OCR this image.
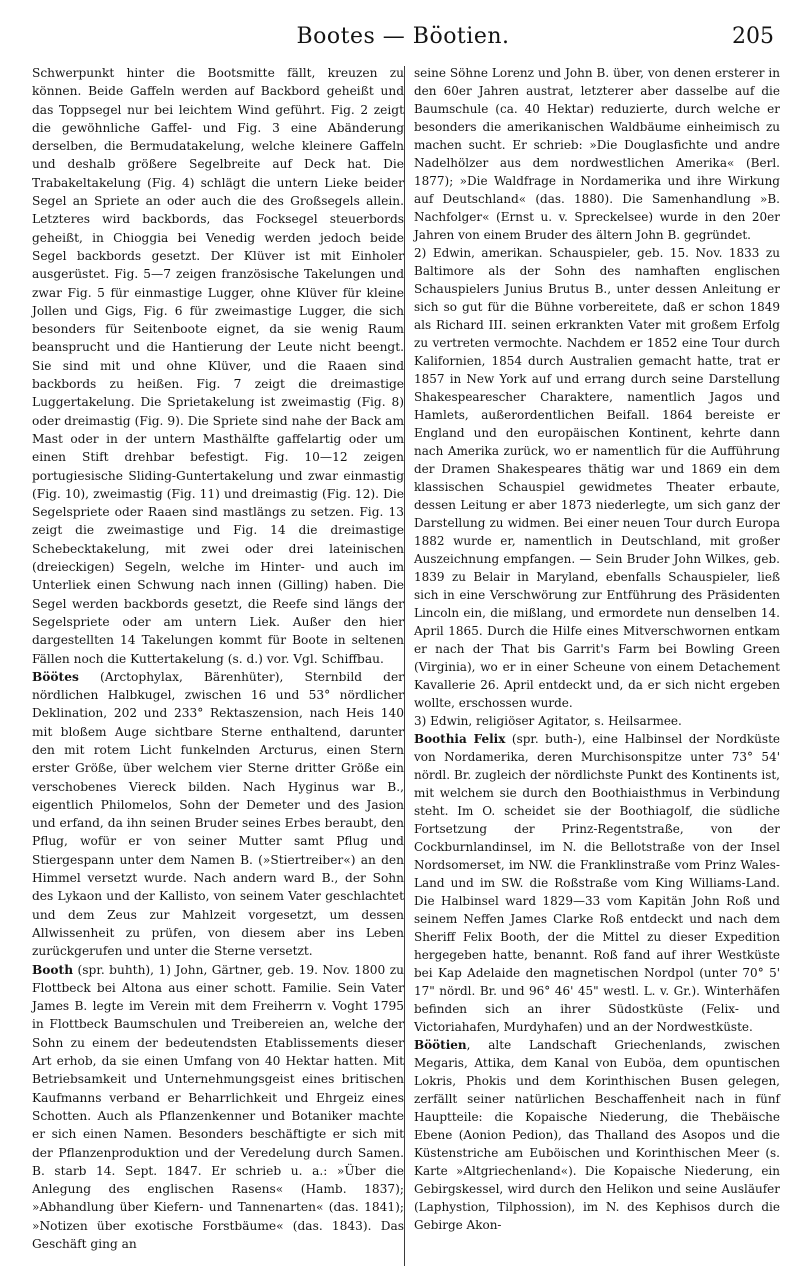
Bootes — Böotien.	205

Schwerpunkt hinter die Bootsmitte fällt, kreuzen zu können. Beide Gaffeln werden auf Backbord geheißt und das Toppsegel nur bei leichtem Wind geführt. Fig. 2 zeigt die gewöhnliche Gaffel- und Fig. 3 eine Abänderung derselben, die Bermudatakelung, welche kleinere Gaffeln und deshalb größere Segelbreite auf Deck hat. Die Trabakeltakelung (Fig. 4) schlägt die untern Lieke beider Segel an Spriete an oder auch die des Großsegels allein. Letzteres wird backbords, das Focksegel steuerbords geheißt, in Chioggia bei Venedig werden jedoch beide Segel backbords gesetzt. Der Klüver ist mit Einholer ausgerüstet. Fig. 5—7 zeigen französische Takelungen und zwar Fig. 5 für einmastige Lugger, ohne Klüver für kleine Jollen und Gigs, Fig. 6 für zweimastige Lugger, die sich besonders für Seitenboote eignet, da sie wenig Raum beansprucht und die Hantierung der Leute nicht beengt. Sie sind mit und ohne Klüver, und die Raaen sind backbords zu heißen. Fig. 7 zeigt die dreimastige Luggertakelung. Die Sprietakelung ist zweimastig (Fig. 8) oder dreimastig (Fig. 9). Die Spriete sind nahe der Back am Mast oder in der untern Masthälfte gaffelartig oder um einen Stift drehbar befestigt. Fig. 10—12 zeigen portugiesische Sliding-Guntertakelung und zwar einmastig (Fig. 10), zweimastig (Fig. 11) und dreimastig (Fig. 12). Die Segelspriete oder Raaen sind mastlängs zu setzen. Fig. 13 zeigt die zweimastige und Fig. 14 die dreimastige Schebecktakelung, mit zwei oder drei lateinischen (dreieckigen) Segeln, welche im Hinter- und auch im Unterliek einen Schwung nach innen (Gilling) haben. Die Segel werden backbords gesetzt, die Reefe sind längs der Segelspriete oder am untern Liek. Außer den hier dargestellten 14 Takelungen kommt für Boote in seltenen Fällen noch die Kuttertakelung (s. d.) vor. Vgl. Schiffbau.

Böötes (Arctophylax, Bärenhüter), Sternbild der nördlichen Halbkugel, zwischen 16 und 53° nördlicher Deklination, 202 und 233° Rektaszension, nach Heis 140 mit bloßem Auge sichtbare Sterne enthaltend, darunter den mit rotem Licht funkelnden Arcturus, einen Stern erster Größe, über welchem vier Sterne dritter Größe ein verschobenes Viereck bilden. Nach Hyginus war B., eigentlich Philomelos, Sohn der Demeter und des Jasion und erfand, da ihn seinen Bruder seines Erbes beraubt, den Pflug, wofür er von seiner Mutter samt Pflug und Stiergespann unter dem Namen B. (»Stiertreiber«) an den Himmel versetzt wurde. Nach andern ward B., der Sohn des Lykaon und der Kallisto, von seinem Vater geschlachtet und dem Zeus zur Mahlzeit vorgesetzt, um dessen Allwissenheit zu prüfen, von diesem aber ins Leben zurückgerufen und unter die Sterne versetzt.

Booth (spr. buhth), 1) John, Gärtner, geb. 19. Nov. 1800 zu Flottbeck bei Altona aus einer schott. Familie. Sein Vater James B. legte im Verein mit dem Freiherrn v. Voght 1795 in Flottbeck Baumschulen und Treibereien an, welche der Sohn zu einem der bedeutendsten Etablissements dieser Art erhob, da sie einen Umfang von 40 Hektar hatten. Mit Betriebsamkeit und Unternehmungsgeist eines britischen Kaufmanns verband er Beharrlichkeit und Ehrgeiz eines Schotten. Auch als Pflanzenkenner und Botaniker machte er sich einen Namen. Besonders beschäftigte er sich mit der Pflanzenproduktion und der Veredelung durch Samen. B. starb 14. Sept. 1847. Er schrieb u. a.: »Über die Anlegung des englischen Rasens« (Hamb. 1837); »Abhandlung über Kiefern- und Tannenarten« (das. 1841); »Notizen über exotische Forstbäume« (das. 1843). Das Geschäft ging an

seine Söhne Lorenz und John B. über, von denen ersterer in den 60er Jahren austrat, letzterer aber dasselbe auf die Baumschule (ca. 40 Hektar) reduzierte, durch welche er besonders die amerikanischen Waldbäume einheimisch zu machen sucht. Er schrieb: »Die Douglasfichte und andre Nadelhölzer aus dem nordwestlichen Amerika« (Berl. 1877); »Die Waldfrage in Nordamerika und ihre Wirkung auf Deutschland« (das. 1880). Die Samenhandlung »B. Nachfolger« (Ernst u. v. Spreckelsee) wurde in den 20er Jahren von einem Bruder des ältern John B. gegründet.

2) Edwin, amerikan. Schauspieler, geb. 15. Nov. 1833 zu Baltimore als der Sohn des namhaften englischen Schauspielers Junius Brutus B., unter dessen Anleitung er sich so gut für die Bühne vorbereitete, daß er schon 1849 als Richard III. seinen erkrankten Vater mit großem Erfolg zu vertreten vermochte. Nachdem er 1852 eine Tour durch Kalifornien, 1854 durch Australien gemacht hatte, trat er 1857 in New York auf und errang durch seine Darstellung Shakespearescher Charaktere, namentlich Jagos und Hamlets, außerordentlichen Beifall. 1864 bereiste er England und den europäischen Kontinent, kehrte dann nach Amerika zurück, wo er namentlich für die Aufführung der Dramen Shakespeares thätig war und 1869 ein dem klassischen Schauspiel gewidmetes Theater erbaute, dessen Leitung er aber 1873 niederlegte, um sich ganz der Darstellung zu widmen. Bei einer neuen Tour durch Europa 1882 wurde er, namentlich in Deutschland, mit großer Auszeichnung empfangen. — Sein Bruder John Wilkes, geb. 1839 zu Belair in Maryland, ebenfalls Schauspieler, ließ sich in eine Verschwörung zur Entführung des Präsidenten Lincoln ein, die mißlang, und ermordete nun denselben 14. April 1865. Durch die Hilfe eines Mitverschwornen entkam er nach der That bis Garrit's Farm bei Bowling Green (Virginia), wo er in einer Scheune von einem Detachement Kavallerie 26. April entdeckt und, da er sich nicht ergeben wollte, erschossen wurde.

3) Edwin, religiöser Agitator, s. Heilsarmee.

Boothia Felix (spr. buth-), eine Halbinsel der Nordküste von Nordamerika, deren Murchisonspitze unter 73° 54' nördl. Br. zugleich der nördlichste Punkt des Kontinents ist, mit welchem sie durch den Boothiaisthmus in Verbindung steht. Im O. scheidet sie der Boothiagolf, die südliche Fortsetzung der Prinz-Regentstraße, von der Cockburnlandinsel, im N. die Bellotstraße von der Insel Nordsomerset, im NW. die Franklinstraße vom Prinz Wales-Land und im SW. die Roßstraße vom King Williams-Land. Die Halbinsel ward 1829—33 vom Kapitän John Roß und seinem Neffen James Clarke Roß entdeckt und nach dem Sheriff Felix Booth, der die Mittel zu dieser Expedition hergegeben hatte, benannt. Roß fand auf ihrer Westküste bei Kap Adelaide den magnetischen Nordpol (unter 70° 5' 17" nördl. Br. und 96° 46' 45" westl. L. v. Gr.). Winterhäfen befinden sich an ihrer Südostküste (Felix- und Victoriahafen, Murdyhafen) und an der Nordwestküste.

Böötien, alte Landschaft Griechenlands, zwischen Megaris, Attika, dem Kanal von Euböa, dem opuntischen Lokris, Phokis und dem Korinthischen Busen gelegen, zerfällt seiner natürlichen Beschaffenheit nach in fünf Hauptteile: die Kopaische Niederung, die Thebäische Ebene (Aonion Pedion), das Thalland des Asopos und die Küstenstriche am Euböischen und Korinthischen Meer (s. Karte »Altgriechenland«). Die Kopaische Niederung, ein Gebirgskessel, wird durch den Helikon und seine Ausläufer (Laphystion, Tilphossion), im N. des Kephisos durch die Gebirge Akon-
